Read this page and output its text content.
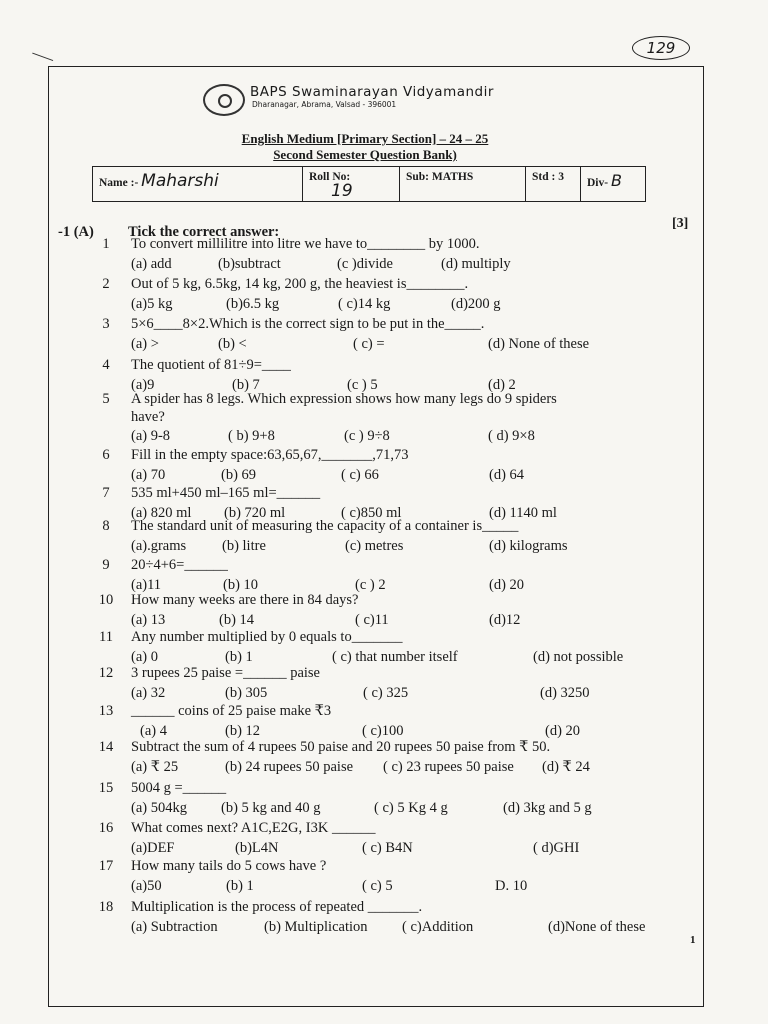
129
BAPS Swaminarayan Vidyamandir
Dharanagar, Abrama, Valsad - 396001
English Medium [Primary Section] – 24 – 25
Second Semester Question Bank)
Name :- Maharshi	Roll No:
19
Sub: MATHS	Std : 3	Div- B
-1 (A) Tick the correct answer:
[3]
1	To convert millilitre into litre we have to________ by 1000.
(a) add	(b)subtract	(c )divide	(d) multiply
2	Out of 5 kg, 6.5kg, 14 kg, 200 g, the heaviest is________.
(a)5 kg	(b)6.5 kg	( c)14 kg	(d)200 g
3	5×6____8×2.Which is the correct sign to be put in the_____.
(a) >	(b) <	( c) =	(d) None of these
4	The quotient of 81÷9=____
(a)9	(b) 7	(c ) 5	(d) 2
5	A spider has 8 legs. Which expression shows how many legs do 9 spiders
have?
(a) 9-8	( b) 9+8	(c ) 9÷8	( d) 9×8
6	Fill in the empty space:63,65,67,_______,71,73
(a) 70	(b) 69	( c) 66	(d) 64
7	535 ml+450 ml–165 ml=______
(a) 820 ml (b) 720 ml	( c)850 ml	(d) 1140 ml
8	The standard unit of measuring the capacity of a container is_____
(a).grams (b) litre	(c) metres	(d) kilograms
9	20÷4+6=______
(a)11	(b) 10	(c ) 2	(d) 20
10 How many weeks are there in 84 days?
(a) 13	(b) 14	( c)11	(d)12
11 Any number multiplied by 0 equals to_______
(a) 0	(b) 1	( c) that number itself	(d) not possible
12 3 rupees 25 paise =______ paise
(a) 32	(b) 305	( c) 325	(d) 3250
13 ______ coins of 25 paise make ₹3
(a) 4	(b) 12	( c)100	(d) 20
14 Subtract the sum of 4 rupees 50 paise and 20 rupees 50 paise from ₹ 50.
(a) ₹ 25	(b) 24 rupees 50 paise ( c) 23 rupees 50 paise (d) ₹ 24
15 5004 g =______
(a) 504kg (b) 5 kg and 40 g	( c) 5 Kg 4 g	(d) 3kg and 5 g
16 What comes next? A1C,E2G, I3K ______
(a)DEF	(b)L4N	( c) B4N	( d)GHI
17 How many tails do 5 cows have ?
(a)50	(b) 1	( c) 5	D. 10
18 Multiplication is the process of repeated _______.
(a) Subtraction	(b) Multiplication ( c)Addition	(d)None of these
1
